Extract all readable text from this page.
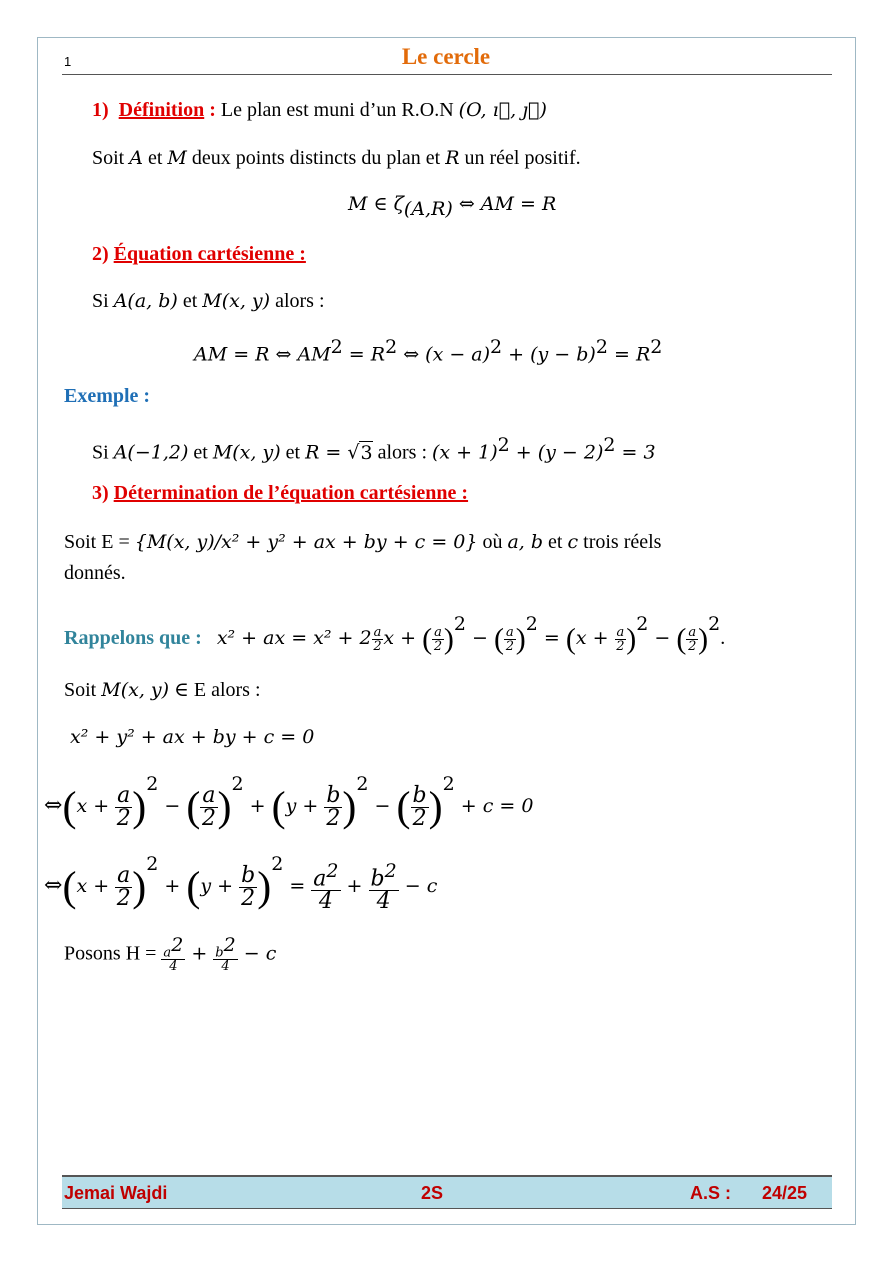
1	Le cercle
1) Définition : Le plan est muni d’un R.O.N (O, ı⃗, ȷ⃗)
Soit A et M deux points distincts du plan et R un réel positif.
M ∈ $\zeta_{(A,R)}$ ⇔ AM = R
2) Équation cartésienne :
Si A(a, b) et M(x, y) alors :
AM = R ⇔ $AM^2 = R^2$ ⇔ $(x - a)^2 + (y - b)^2 = R^2$
Exemple :
Si A(−1,2) et M(x, y) et R = √3 alors : $(x + 1)^2 + (y - 2)^2 = 3$
3) Détermination de l’équation cartésienne :
Soit E = {M(x, y)/x² + y² + ax + by + c = 0} où a, b et c trois réels
donnés.
Rappelons que : x² + ax = $x^2 + 2 \frac{a}{2}$ x + ( $\frac{a}{2} )^2$ − ( $\frac{a}{2} )^2 = (x + \frac{a}{2} )^2$ − ( $\frac{a}{2} )^2$.
Soit M(x, y) ∈ E alors :
x² + y² + ax + by + c = 0
⇔(x + $\frac{a}{2} )^2$ − ( $\frac{a}{2} )^2 + (y + \frac{b}{2} )^2$ − ( $\frac{b}{2} )^2 + c = 0$
⇔(x + $\frac{a}{2} )^2 + (y + \frac{b}{2} )^2 = \frac{a^2}{4} + \frac{b^2}{4} - c$
Posons $H = \frac{a^2}{4} + \frac{b^2}{4} - c$
Jemai Wajdi	2S	A.S : 24/25
